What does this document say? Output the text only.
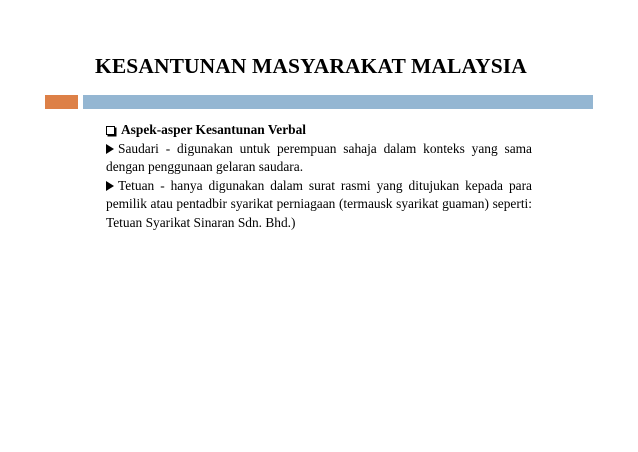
KESANTUNAN MASYARAKAT MALAYSIA
Aspek-asper Kesantunan Verbal
Saudari - digunakan untuk perempuan sahaja dalam konteks yang sama dengan penggunaan gelaran saudara.
Tetuan - hanya digunakan dalam surat rasmi yang ditujukan kepada para pemilik atau pentadbir syarikat perniagaan (termausk syarikat guaman) seperti: Tetuan Syarikat Sinaran Sdn. Bhd.)
